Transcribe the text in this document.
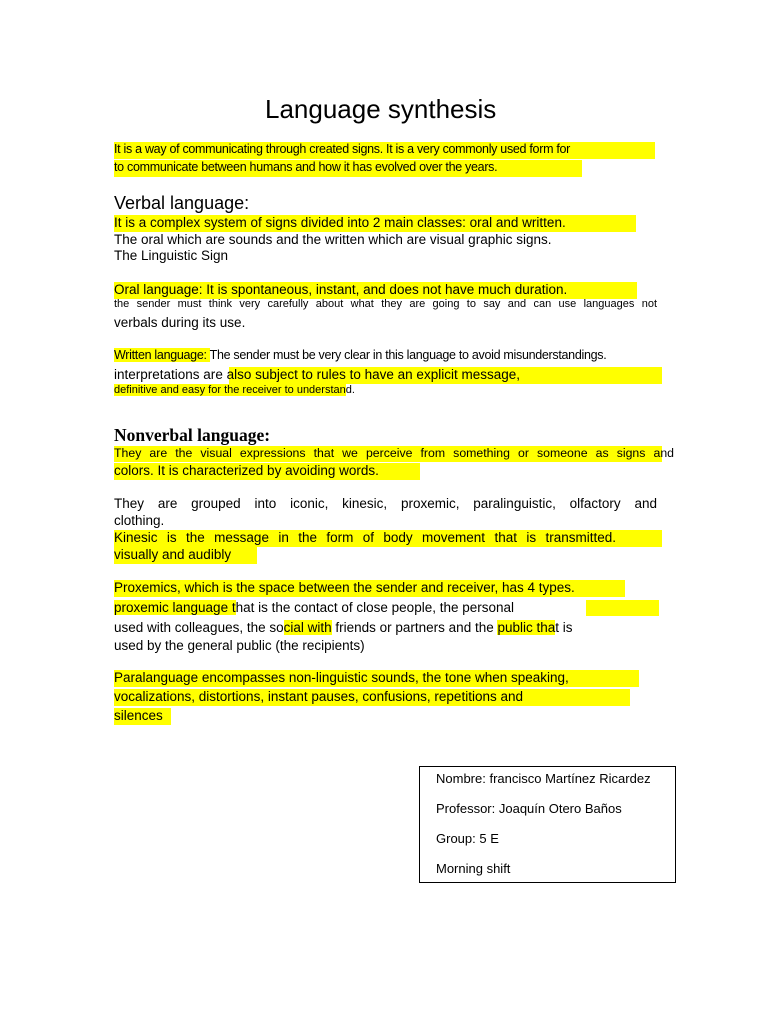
Language synthesis
It is a way of communicating through created signs. It is a very commonly used form for
to communicate between humans and how it has evolved over the years.
Verbal language:
It is a complex system of signs divided into 2 main classes: oral and written.
The oral which are sounds and the written which are visual graphic signs.
The Linguistic Sign
Oral language: It is spontaneous, instant, and does not have much duration.
the sender must think very carefully about what they are going to say and can use languages not
verbals during its use.
Written language: The sender must be very clear in this language to avoid misunderstandings.
interpretations are also subject to rules to have an explicit message,
definitive and easy for the receiver to understand.
Nonverbal language:
They are the visual expressions that we perceive from something or someone as signs and
colors. It is characterized by avoiding words.
They are grouped into iconic, kinesic, proxemic, paralinguistic, olfactory and
clothing.
Kinesic is the message in the form of body movement that is transmitted.
visually and audibly
Proxemics, which is the space between the sender and receiver, has 4 types.
proxemic language that is the contact of close people, the personal
used with colleagues, the social with friends or partners and the public that is
used by the general public (the recipients)
Paralanguage encompasses non-linguistic sounds, the tone when speaking,
vocalizations, distortions, instant pauses, confusions, repetitions and
silences
Nombre: francisco Martínez Ricardez
Professor: Joaquín Otero Baños
Group: 5 E
Morning shift
